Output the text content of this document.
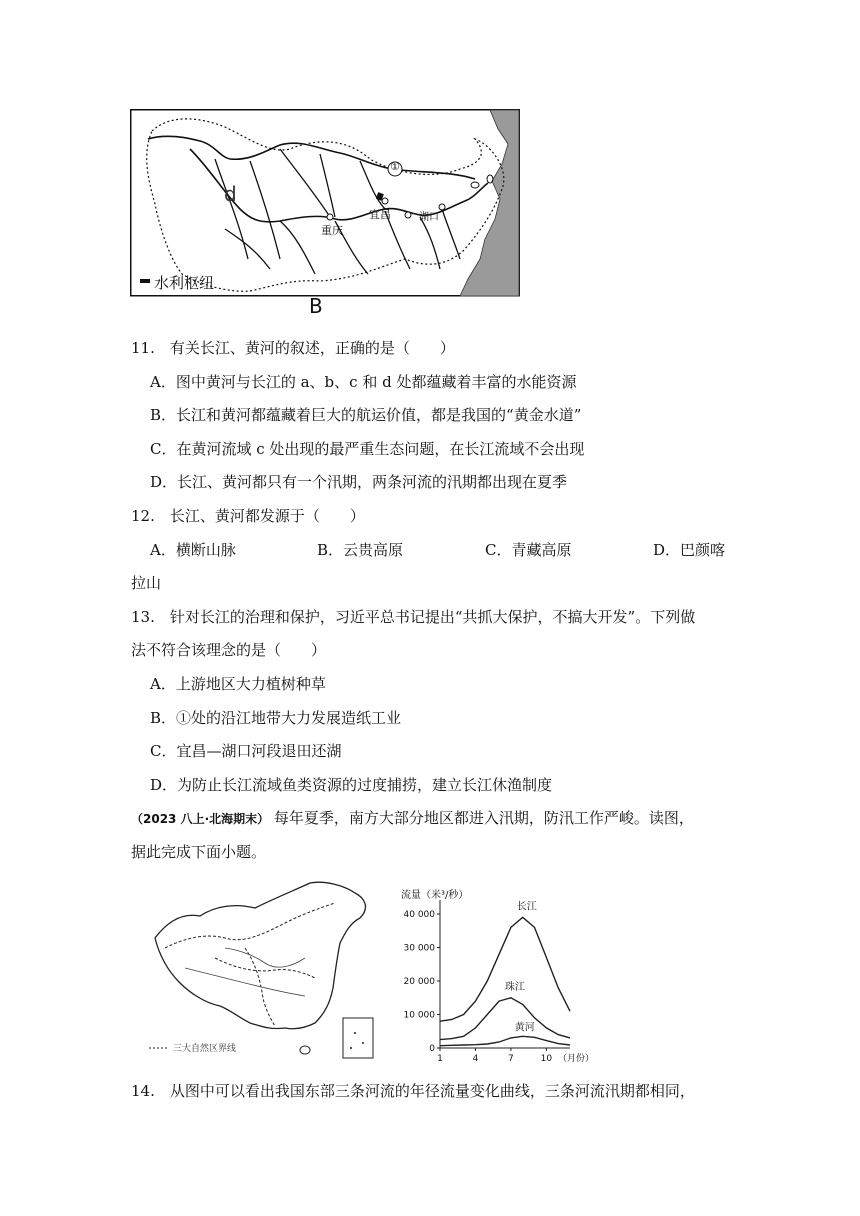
d
①
重庆
宜昌	湖口
水利枢纽
B
11.　有关长江、黄河的叙述，正确的是（　　）
A．图中黄河与长江的 a、b、c 和 d 处都蕴藏着丰富的水能资源
B．长江和黄河都蕴藏着巨大的航运价值，都是我国的“黄金水道”
C．在黄河流域 c 处出现的最严重生态问题，在长江流域不会出现
D．长江、黄河都只有一个汛期，两条河流的汛期都出现在夏季
12.　长江、黄河都发源于（　　）
A．横断山脉	B．云贵高原	C．青藏高原	D．巴颜喀
拉山
13.　针对长江的治理和保护，习近平总书记提出“共抓大保护，不搞大开发”。下列做
法不符合该理念的是（　　）
A．上游地区大力植树种草
B．①处的沿江地带大力发展造纸工业
C．宜昌—湖口河段退田还湖
D．为防止长江流域鱼类资源的过度捕捞，建立长江休渔制度
（2023 八上·北海期末） 每年夏季，南方大部分地区都进入汛期，防汛工作严峻。读图，
据此完成下面小题。
三大自然区界线
流量（米³/秒）
0
10 000
20 000
30 000
40 000
1	4	7	10 （月份）
长江
珠江
黄河
14.　从图中可以看出我国东部三条河流的年径流量变化曲线，三条河流汛期都相同，
